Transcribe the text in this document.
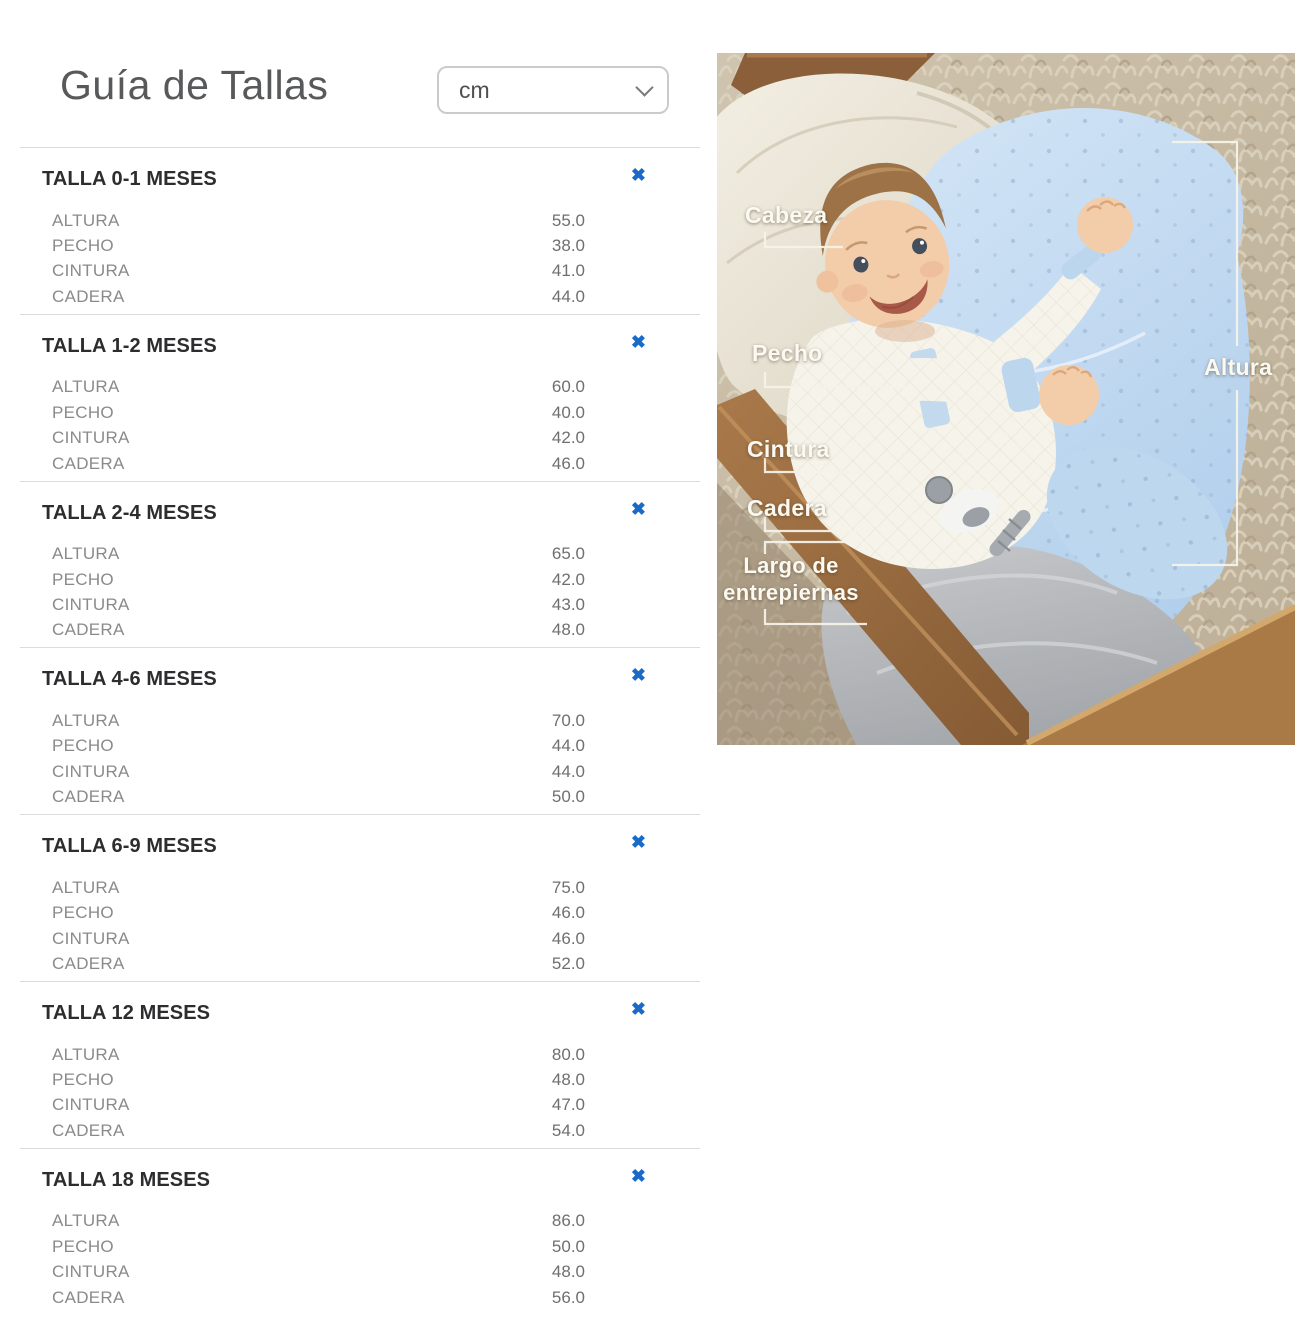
Guía de Tallas
cm
TALLA 0-1 MESES	✖
ALTURA	55.0
PECHO	38.0
CINTURA	41.0
CADERA	44.0
TALLA 1-2 MESES	✖
ALTURA	60.0
PECHO	40.0
CINTURA	42.0
CADERA	46.0
TALLA 2-4 MESES	✖
ALTURA	65.0
PECHO	42.0
CINTURA	43.0
CADERA	48.0
TALLA 4-6 MESES	✖
ALTURA	70.0
PECHO	44.0
CINTURA	44.0
CADERA	50.0
TALLA 6-9 MESES	✖
ALTURA	75.0
PECHO	46.0
CINTURA	46.0
CADERA	52.0
TALLA 12 MESES	✖
ALTURA	80.0
PECHO	48.0
CINTURA	47.0
CADERA	54.0
TALLA 18 MESES	✖
ALTURA	86.0
PECHO	50.0
CINTURA	48.0
CADERA	56.0
Cabeza
Pecho
Cintura
Cadera
Largo de
entrepiernas
Altura
